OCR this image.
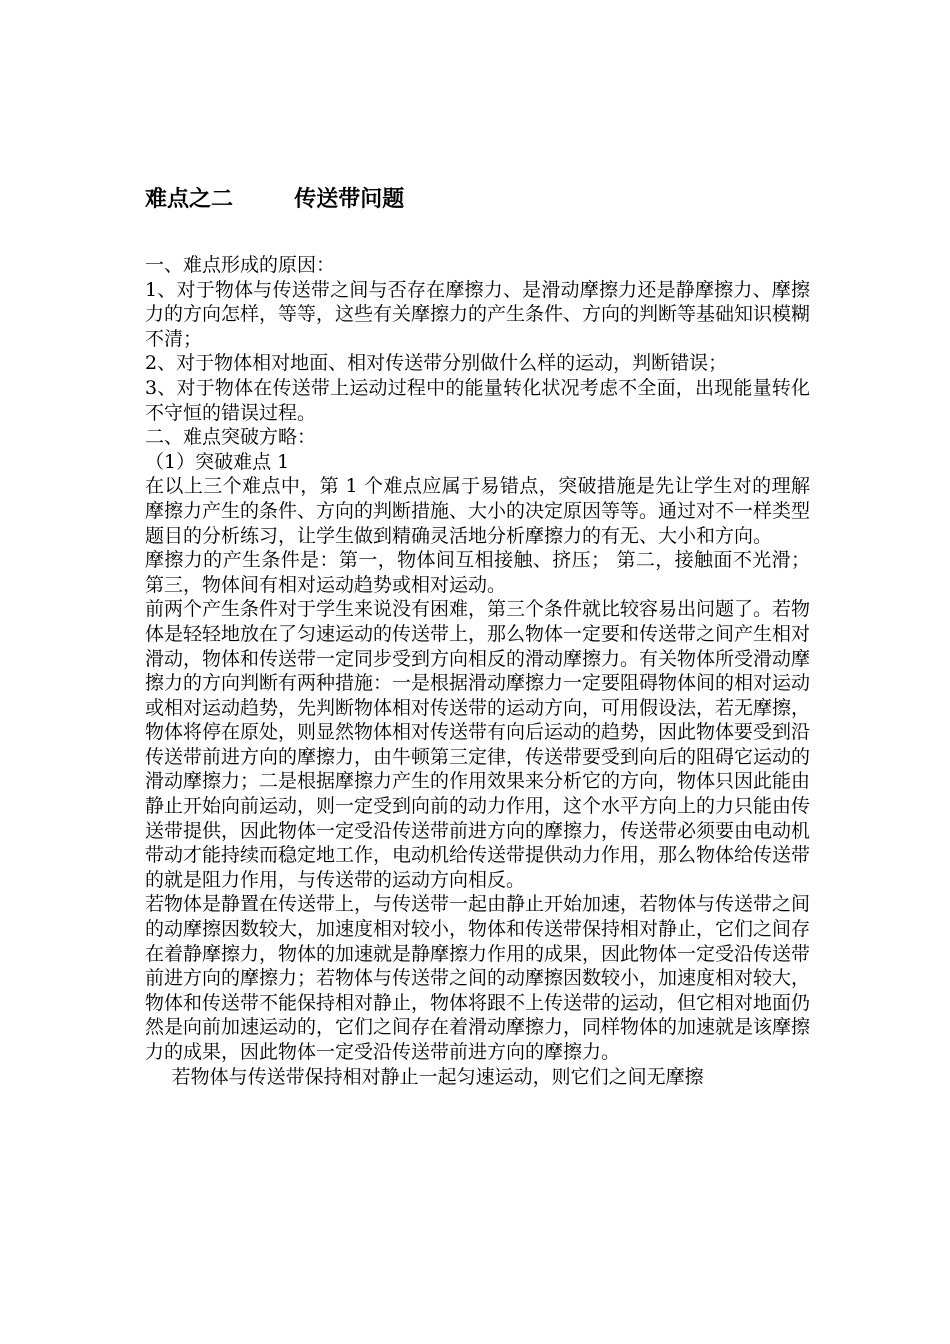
难点之二        传送带问题

一、难点形成的原因：

1、对于物体与传送带之间与否存在摩擦力、是滑动摩擦力还是静摩擦力、摩擦力的方向怎样，等等，这些有关摩擦力的产生条件、方向的判断等基础知识模糊不清；

2、对于物体相对地面、相对传送带分别做什么样的运动，判断错误；

3、对于物体在传送带上运动过程中的能量转化状况考虑不全面，出现能量转化不守恒的错误过程。

二、难点突破方略：

（1）突破难点 1

在以上三个难点中，第 1 个难点应属于易错点，突破措施是先让学生对的理解摩擦力产生的条件、方向的判断措施、大小的决定原因等等。通过对不一样类型题目的分析练习，让学生做到精确灵活地分析摩擦力的有无、大小和方向。

摩擦力的产生条件是：第一，物体间互相接触、挤压； 第二，接触面不光滑； 第三，物体间有相对运动趋势或相对运动。

前两个产生条件对于学生来说没有困难，第三个条件就比较容易出问题了。若物体是轻轻地放在了匀速运动的传送带上，那么物体一定要和传送带之间产生相对滑动，物体和传送带一定同步受到方向相反的滑动摩擦力。有关物体所受滑动摩擦力的方向判断有两种措施：一是根据滑动摩擦力一定要阻碍物体间的相对运动或相对运动趋势，先判断物体相对传送带的运动方向，可用假设法，若无摩擦，物体将停在原处，则显然物体相对传送带有向后运动的趋势，因此物体要受到沿传送带前进方向的摩擦力，由牛顿第三定律，传送带要受到向后的阻碍它运动的滑动摩擦力；二是根据摩擦力产生的作用效果来分析它的方向，物体只因此能由静止开始向前运动，则一定受到向前的动力作用，这个水平方向上的力只能由传送带提供，因此物体一定受沿传送带前进方向的摩擦力，传送带必须要由电动机带动才能持续而稳定地工作，电动机给传送带提供动力作用，那么物体给传送带的就是阻力作用，与传送带的运动方向相反。

若物体是静置在传送带上，与传送带一起由静止开始加速，若物体与传送带之间的动摩擦因数较大，加速度相对较小，物体和传送带保持相对静止，它们之间存在着静摩擦力，物体的加速就是静摩擦力作用的成果，因此物体一定受沿传送带前进方向的摩擦力；若物体与传送带之间的动摩擦因数较小，加速度相对较大，物体和传送带不能保持相对静止，物体将跟不上传送带的运动，但它相对地面仍然是向前加速运动的，它们之间存在着滑动摩擦力，同样物体的加速就是该摩擦力的成果，因此物体一定受沿传送带前进方向的摩擦力。

若物体与传送带保持相对静止一起匀速运动，则它们之间无摩擦
